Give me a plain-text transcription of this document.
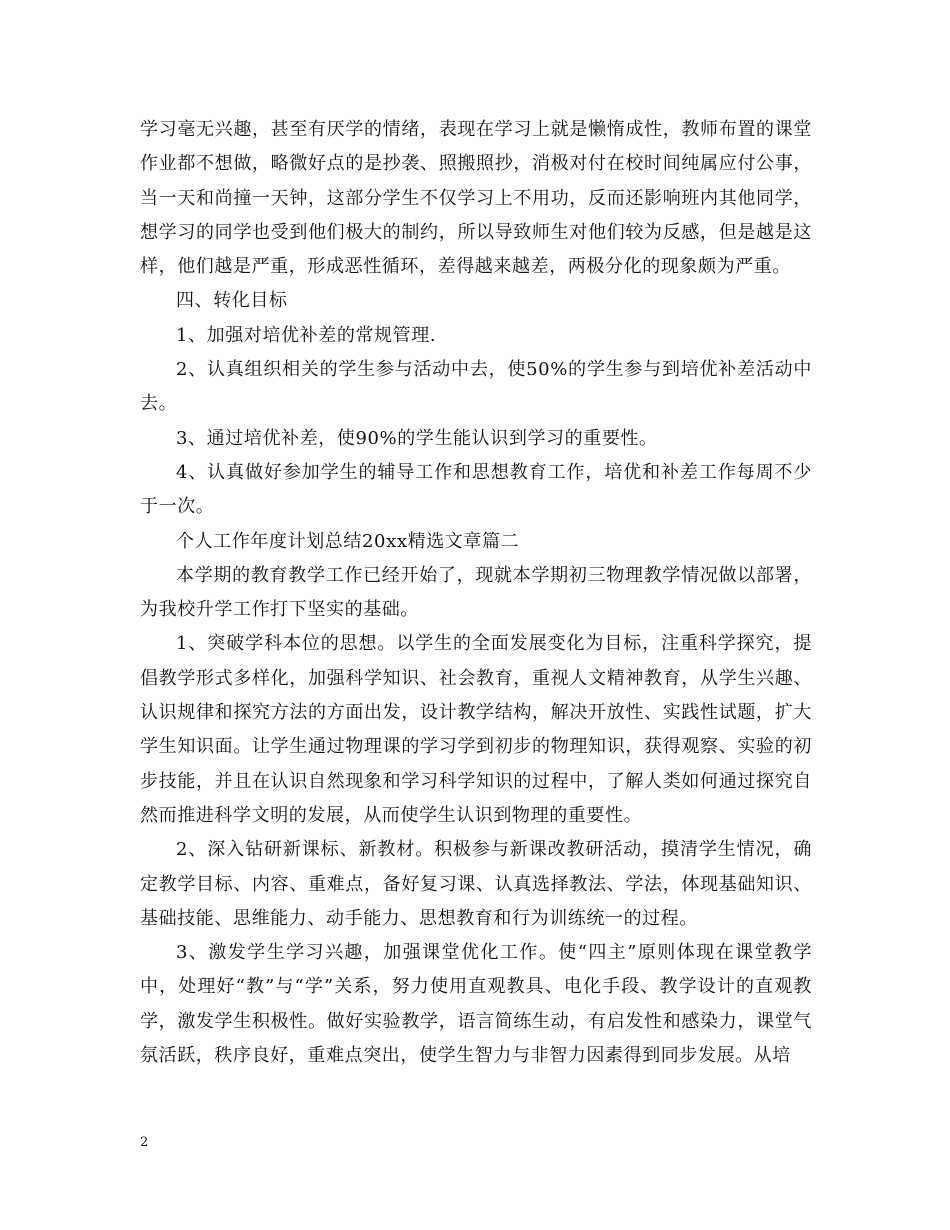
学习毫无兴趣，甚至有厌学的情绪，表现在学习上就是懒惰成性，教师布置的课堂作业都不想做，略微好点的是抄袭、照搬照抄，消极对付在校时间纯属应付公事，当一天和尚撞一天钟，这部分学生不仅学习上不用功，反而还影响班内其他同学，想学习的同学也受到他们极大的制约，所以导致师生对他们较为反感，但是越是这样，他们越是严重，形成恶性循环，差得越来越差，两极分化的现象颇为严重。

四、转化目标

1、加强对培优补差的常规管理.

2、认真组织相关的学生参与活动中去，使50%的学生参与到培优补差活动中去。

3、通过培优补差，使90%的学生能认识到学习的重要性。

4、认真做好参加学生的辅导工作和思想教育工作，培优和补差工作每周不少于一次。

个人工作年度计划总结20xx精选文章篇二

本学期的教育教学工作已经开始了，现就本学期初三物理教学情况做以部署，为我校升学工作打下坚实的基础。

1、突破学科本位的思想。以学生的全面发展变化为目标，注重科学探究，提倡教学形式多样化，加强科学知识、社会教育，重视人文精神教育，从学生兴趣、认识规律和探究方法的方面出发，设计教学结构，解决开放性、实践性试题，扩大学生知识面。让学生通过物理课的学习学到初步的物理知识，获得观察、实验的初步技能，并且在认识自然现象和学习科学知识的过程中，了解人类如何通过探究自然而推进科学文明的发展，从而使学生认识到物理的重要性。

2、深入钻研新课标、新教材。积极参与新课改教研活动，摸清学生情况，确定教学目标、内容、重难点，备好复习课、认真选择教法、学法，体现基础知识、基础技能、思维能力、动手能力、思想教育和行为训练统一的过程。

3、激发学生学习兴趣，加强课堂优化工作。使“四主”原则体现在课堂教学中，处理好“教”与“学”关系，努力使用直观教具、电化手段、教学设计的直观教学，激发学生积极性。做好实验教学，语言简练生动，有启发性和感染力，课堂气氛活跃，秩序良好，重难点突出，使学生智力与非智力因素得到同步发展。从培

2
